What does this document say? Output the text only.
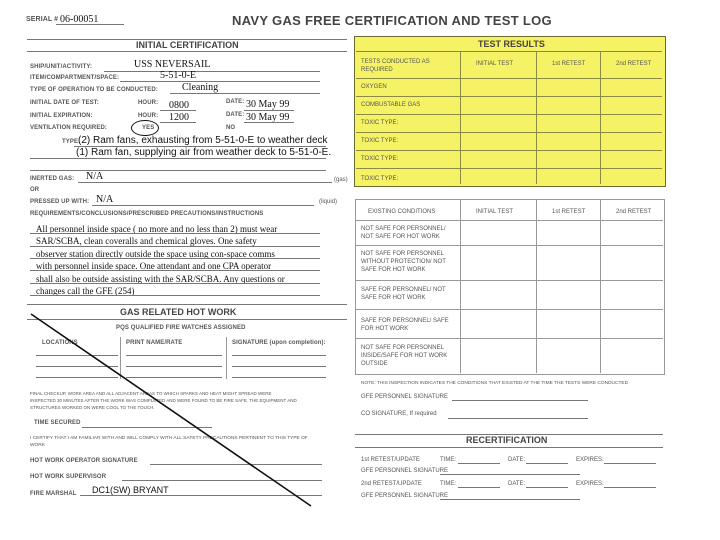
SERIAL # 06-00051	NAVY GAS FREE CERTIFICATION AND TEST LOG
INITIAL CERTIFICATION
SHIP/UNIT/ACTIVITY:	USS NEVERSAIL
ITEM/COMPARTMENT/SPACE:	5-51-0-E
TYPE OF OPERATION TO BE CONDUCTED: Cleaning
INITIAL DATE OF TEST:	HOUR: 0800	DATE: 30 May 99
INITIAL EXPIRATION:	HOUR: 1200	DATE: 30 May 99
VENTILATION REQUIRED:	YES	NO
TYPE:
(2) Ram fans, exhausting from 5-51-0-E to weather deck
(1) Ram fan, supplying air from weather deck to 5-51-0-E.
INERTED GAS: N/A	(gas)
OR
PRESSED UP WITH: N/A	(liquid)
REQUIREMENTS/CONCLUSIONS/PRESCRIBED PRECAUTIONS/INSTRUCTIONS
All personnel inside space ( no more and no less than 2) must wear
SAR/SCBA, clean coveralls and chemical gloves. One safety
observer station directly outside the space using con-space comms
with personnel inside space. One attendant and one CPA operator
shall also be outside assisting with the SAR/SCBA. Any questions or
changes call the GFE (254)
GAS RELATED HOT WORK
PQS QUALIFIED FIRE WATCHES ASSIGNED
LOCATIONS	PRINT NAME/RATE	SIGNATURE (upon completion):
FINAL CHECKUP, WORK AREA AND ALL ADJACENT AREAS TO WHICH SPARKS AND HEAT MIGHT SPREAD WERE
INSPECTED 30 MINUTES AFTER THE WORK WAS COMPLETED AND WERE FOUND TO BE FIRE SAFE. THE EQUIPMENT AND
STRUCTURES WORKED ON WERE COOL TO THE TOUCH.
TIME SECURED
I CERTIFY THAT I AM FAMILIAR WITH AND WILL COMPLY WITH ALL SAFETY PRECAUTIONS PERTINENT TO THIS TYPE OF
WORK
HOT WORK OPERATOR SIGNATURE
HOT WORK SUPERVISOR
FIRE MARSHAL DC1(SW) BRYANT
TEST RESULTS
TESTS CONDUCTED AS REQUIRED
INITIAL TEST	1st RETEST	2nd RETEST
OXYGEN
COMBUSTABLE GAS
TOXIC TYPE:
TOXIC TYPE:
TOXIC TYPE:
TOXIC TYPE:
EXISTING CONDITIONS	INITIAL TEST	1st RETEST	2nd RETEST
NOT SAFE FOR PERSONNEL/ NOT SAFE FOR HOT WORK
NOT SAFE FOR PERSONNEL WITHOUT PROTECTION/ NOT SAFE FOR HOT WORK
SAFE FOR PERSONNEL/ NOT SAFE FOR HOT WORK
SAFE FOR PERSONNEL/ SAFE FOR HOT WORK
NOT SAFE FOR PERSONNEL INSIDE/SAFE FOR HOT WORK OUTSIDE
NOTE: THIS INSPECTION INDICATES THE CONDITIONS THAT EXISTED AT THE TIME THE TESTS WERE CONDUCTED
GFE PERSONNEL SIGNATURE
CO SIGNATURE, If required
RECERTIFICATION
1st RETEST/UPDATE	TIME:	DATE:	EXPIRES:
GFE PERSONNEL SIGNATURE
2nd RETEST/UPDATE	TIME:	DATE:	EXPIRES:
GFE PERSONNEL SIGNATURE
